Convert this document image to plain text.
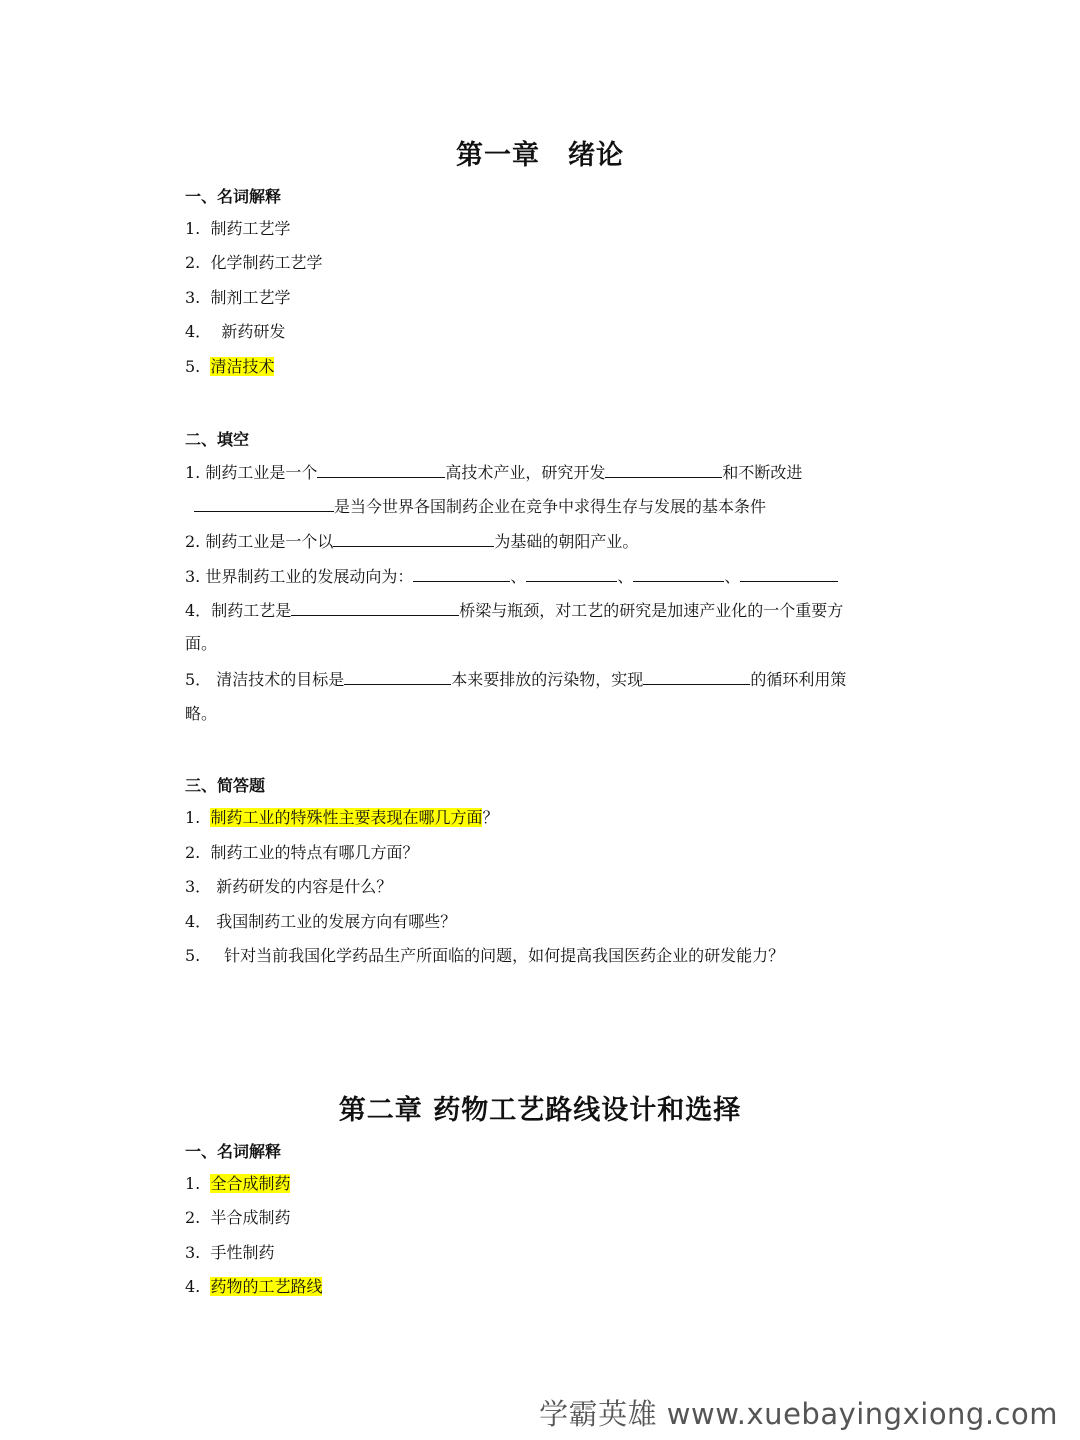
第一章　绪论
一、名词解释
1. 制药工艺学
2. 化学制药工艺学
3. 制剂工艺学
4． 新药研发
5. 清洁技术
二、填空
1. 制药工业是一个	高技术产业，研究开发	和不断改进
是当今世界各国制药企业在竞争中求得生存与发展的基本条件
2. 制药工业是一个以	为基础的朝阳产业。
3. 世界制药工业的发展动向为：	、	、	、
4．制药工艺是	桥梁与瓶颈，对工艺的研究是加速产业化的一个重要方
面。
5． 清洁技术的目标是	本来要排放的污染物，实现	的循环利用策
略。
三、简答题
1. 制药工业的特殊性主要表现在哪几方面？
2. 制药工业的特点有哪几方面？
3． 新药研发的内容是什么？
4． 我国制药工业的发展方向有哪些？
5. 针对当前我国化学药品生产所面临的问题，如何提高我国医药企业的研发能力？
第二章 药物工艺路线设计和选择
一、名词解释
1. 全合成制药
2. 半合成制药
3. 手性制药
4. 药物的工艺路线
学霸英雄 www.xuebayingxiong.com
